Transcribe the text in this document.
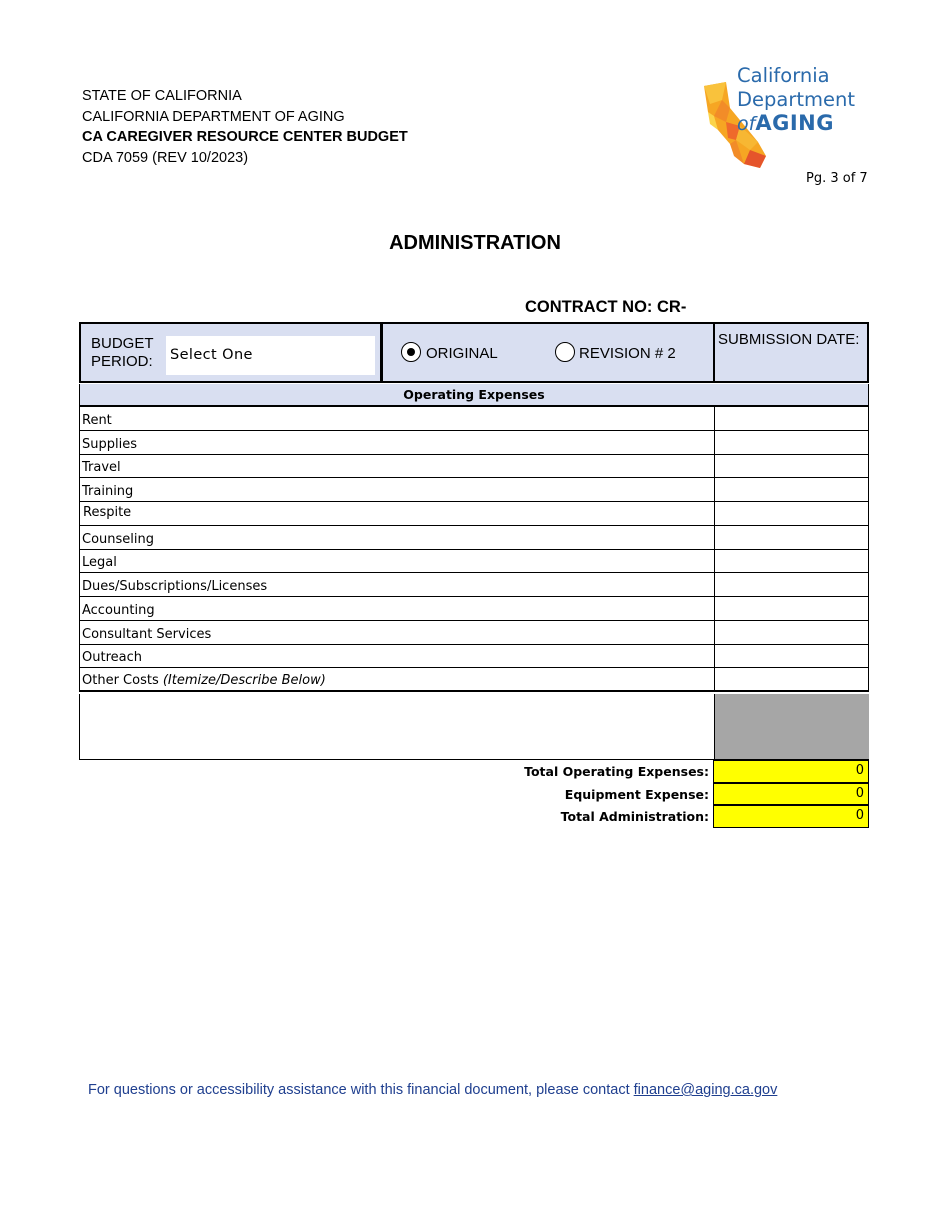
STATE OF CALIFORNIA
CALIFORNIA DEPARTMENT OF AGING
CA CAREGIVER RESOURCE CENTER BUDGET
CDA 7059 (REV 10/2023)
California
Department
ofAGING
Pg. 3 of 7
ADMINISTRATION
CONTRACT NO: CR-
BUDGET
PERIOD: Select One	ORIGINAL	REVISION # 2
SUBMISSION DATE:
Operating Expenses
Rent
Supplies
Travel
Training
Respite
Counseling
Legal
Dues/Subscriptions/Licenses
Accounting
Consultant Services
Outreach
Other Costs (Itemize/Describe Below)
Total Operating Expenses:	0
Equipment Expense:	0
Total Administration:	0
For questions or accessibility assistance with this financial document, please contact finance@aging.ca.gov
